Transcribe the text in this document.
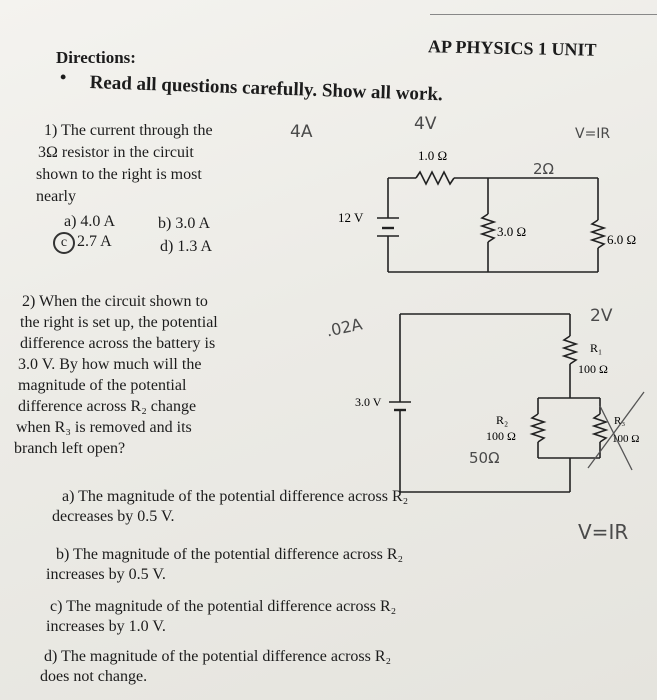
AP PHYSICS 1 UNIT
Directions:
• Read all questions carefully. Show all work.
1) The current through the
3Ω resistor in the circuit
shown to the right is most
nearly
a) 4.0 A	b) 3.0 A
c 2.7 A	d) 1.3 A
4A	4V
2Ω
V=IR
12 V
1.0 Ω
3.0 Ω
6.0 Ω
2) When the circuit shown to
the right is set up, the potential
difference across the battery is
3.0 V. By how much will the
magnitude of the potential
difference across R₂ change
when R₃ is removed and its
branch left open?
.02A	2V
50Ω
V=IR
3.0 V
R₁
100 Ω
R₂
100 Ω
R₃
100 Ω
a) The magnitude of the potential difference across R₂
decreases by 0.5 V.
b) The magnitude of the potential difference across R₂
increases by 0.5 V.
c) The magnitude of the potential difference across R₂
increases by 1.0 V.
d) The magnitude of the potential difference across R₂
does not change.
